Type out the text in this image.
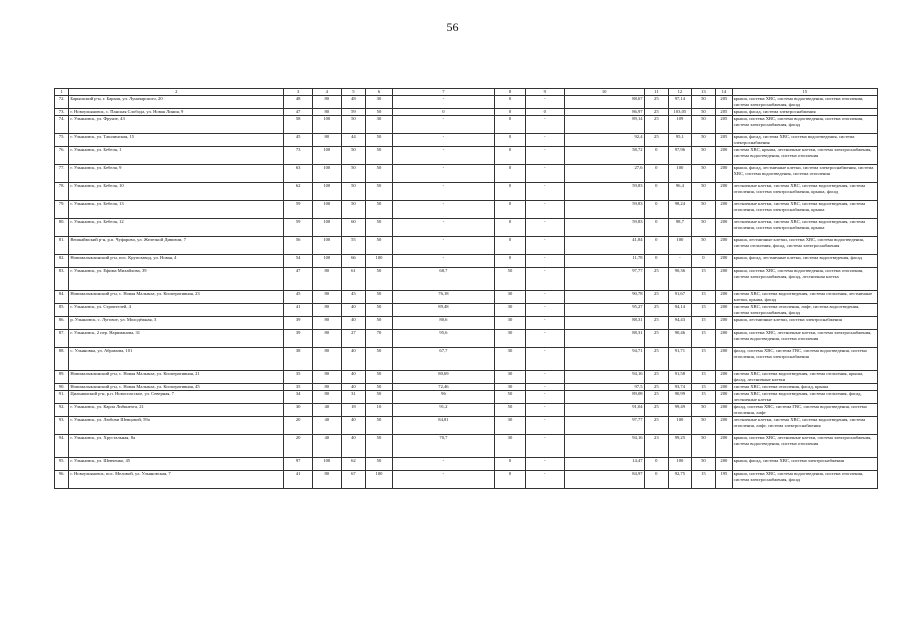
56
1	2	3	4	5	6	7	8	9	10	11	12	13	14	15
72.	Барышский р-н, г. Барыш, ул. Луначарского, 20	48	80	48	30	-	0	-	88,67	25	97,14	50	205	крыша, система ХВС, система водоотведения, система отопления, система электроснабжения, фасад
73.	г. Новоульяновск, с. Панская Слобода, ул. Новая Линия, 9	47	80	59	50	0	0	0	86,97	25	103,05	50	205	крыша, фасад, система электроснабжения
74.	г. Ульяновск, ул. Фрунзе, 43	58	100	50	30	-	0	-	89,14	25	109	50	205	крыша, система ХВС, система водоотведения, система отопления, система электроснабжения, фасад
75.	г. Ульяновск, ул. Ташлинская, 15	45	80	44	50	-	0	-	92,4	25	95,1	50	205	крыша, фасад, система ХВС, система водоотведения, система электроснабжения
76.	г. Ульяновск, ул. Бебеля, 1	73	100	50	50	-	0	-	58,72	0	97,96	50	200	система ХВС, крыша, лестничные клетки, система электроснабжения, система водоотведения, система отопления
77.	г. Ульяновск, ул. Бебеля, 9	63	100	50	50	-	0	-	27,6	0	100	50	200	крыша, фасад, лестничные клетки, система электроснабжения, система ХВС, система водоотведения, система отопления
78.	г. Ульяновск, ул. Бебеля, 10	62	100	50	50	-	0	-	59,83	0	96,4	50	200	лестничные клетки, система ХВС, система водоотведения, система отопления, система электроснабжения, крыша, фасад
79.	г. Ульяновск, ул. Бебеля, 13	59	100	50	50	-	0	-	59,83	0	98,24	50	200	лестничные клетки, система ХВС, система водоотведения, система отопления, система электроснабжения, крыша
80.	г. Ульяновск, ул. Бебеля, 12	59	100	60	50	-	0	-	59,83	0	98,7	50	200	лестничные клетки, система ХВС, система водоотведения, система отопления, система электроснабжения, крыша
81.	Вешкаймский р-н, р.п. Чуфарово, ул. Железной Дивизии, 7	56	100	55	50	-	0	-	41,84	0	100	50	200	крыша, лестничные клетки, система ХВС, система водоотведения, система отопления, фасад, система электроснабжения
82.	Новомалыклинский р-н, пос. Крупозавод, ул. Новая, 4	54	100	66	100	-	0	-	11,78	0	-	0	200	крыша, фасад, лестничные клетки, система водоотведения, фасад
83.	г. Ульяновск, ул. Ефима Михайлова, 39	47	80	61	50	68,7	50	-	97,77	25	90,36	15	200	крыша, система ХВС, система водоотведения, система отопления, система электроснабжения, фасад, лестничная клетка
84.	Новомалыклинский р-н, с. Новая Малыкла, ул. Кооперативная, 23	45	80	45	50	76,18	30	-	90,78	25	91,67	15	200	система ХВС, система водоотведения, система отопления, лестничные клетки, крыша, фасад
85.	г. Ульяновск, ул. Строителей, 4	41	80	40	50	89,48	30	-	95,27	25	94,14	15	200	система ХВС, система отопления, лифт, система водоотведения, система электроснабжения, фасад
86.	р. Ульяновск, с. Луговое, ул. Молодёжная, 3	39	80	40	50	80,6	30	-	88,31	25	94,43	15	200	крыша, лестничные клетки, система электроснабжения
87.	г. Ульяновск, 2 пер. Нариманова, 31	39	80	27	70	95,6	30	-	88,31	25	90,46	15	200	крыша, система ХВС, лестничные клетки, система электроснабжения, система водоотведения, система отопления
88.	с. Ульяновка, ул. Абрамова, 101	38	80	40	50	67,7	30	-	94,71	25	91,71	15	200	фасад, система ХВС, система ГВС, система водоотведения, система отопления, система электроснабжения
89.	Новомалыклинский р-н, с. Новая Малыкла, ул. Кооперативная, 21	35	80	40	50	80,69	30	-	94,16	25	91,58	15	200	система ХВС, система водоотведения, система отопления, крыша, фасад, лестничные клетки
90.	Новомалыклинский р-н, с. Новая Малыкла, ул. Кооперативная, 45	35	80	40	50	72,46	30	-	97,5	25	93,74	15	200	система ХВС, система отопления, фасад, крыша
91.	Цильнинский р-н, р.п. Новоспасское, ул. Северная, 7	34	80	31	50	96	50	-	89,08	25	90,99	15	200	система ХВС, система водоотведения, система отопления, фасад, лестничные клетки
92.	г. Ульяновск, ул. Карла Либкнехта, 21	30	40	18	10	91,2	50	-	91,04	25	99,49	50	200	фасад, система ХВС, система ГВС, система водоотведения, система отопления, лифт
93.	г. Ульяновск, ул. Любови Шевцовой, 59а	20	40	40	50	84,81	30	-	97,77	25	100	50	200	лестничные клетки, система ХВС, система водоотведения, система отопления, лифт, система электроснабжения
94.	г. Ульяновск, ул. Хрустальная, 8а	20	40	40	50	70,7	30	-	94,16	23	99,25	50	200	крыша, система ХВС, лестничные клетки, система электроснабжения, система водоотведения, система отопления
95.	г. Ульяновск, ул. Шевченко, 45	97	100	62	50	-	0	-	14,47	0	100	50	200	крыша, фасад, система ХВС, система электроснабжения
96.	г. Новоульяновск, пос. Меловой, ул. Ульяновская, 7	41	80	67	100	-	0	-	84,97	0	92,75	15	195	крыша, система ХВС, система водоотведения, система отопления, система электроснабжения, фасад
